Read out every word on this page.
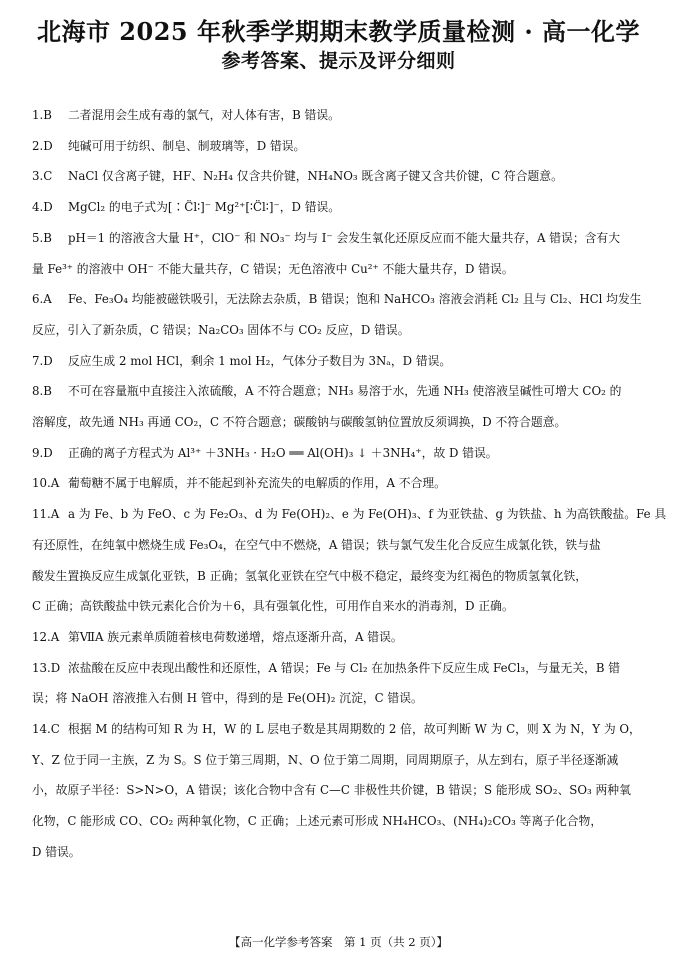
北海市 2025 年秋季学期期末教学质量检测 · 高一化学
参考答案、提示及评分细则
1.B	二者混用会生成有毒的氯气，对人体有害，B 错误。
2.D	纯碱可用于纺织、制皂、制玻璃等，D 错误。
3.C	NaCl 仅含离子键，HF、N₂H₄ 仅含共价键，NH₄NO₃ 既含离子键又含共价键，C 符合题意。
4.D	MgCl₂ 的电子式为[∶C̈l∶]⁻ Mg²⁺[∶C̈l∶]⁻，D 错误。
5.B	pH＝1 的溶液含大量 H⁺，ClO⁻ 和 NO₃⁻ 均与 I⁻ 会发生氧化还原反应而不能大量共存，A 错误；含有大
量 Fe³⁺ 的溶液中 OH⁻ 不能大量共存，C 错误；无色溶液中 Cu²⁺ 不能大量共存，D 错误。
6.A	Fe、Fe₃O₄ 均能被磁铁吸引，无法除去杂质，B 错误；饱和 NaHCO₃ 溶液会消耗 Cl₂ 且与 Cl₂、HCl 均发生
反应，引入了新杂质，C 错误；Na₂CO₃ 固体不与 CO₂ 反应，D 错误。
7.D	反应生成 2 mol HCl，剩余 1 mol H₂，气体分子数目为 3Nₐ，D 错误。
8.B	不可在容量瓶中直接注入浓硫酸，A 不符合题意；NH₃ 易溶于水，先通 NH₃ 使溶液呈碱性可增大 CO₂ 的
溶解度，故先通 NH₃ 再通 CO₂，C 不符合题意；碳酸钠与碳酸氢钠位置放反须调换，D 不符合题意。
9.D	正确的离子方程式为 Al³⁺ ＋3NH₃ · H₂O ══ Al(OH)₃ ↓ ＋3NH₄⁺，故 D 错误。
10.A 葡萄糖不属于电解质，并不能起到补充流失的电解质的作用，A 不合理。
11.A a 为 Fe、b 为 FeO、c 为 Fe₂O₃、d 为 Fe(OH)₂、e 为 Fe(OH)₃、f 为亚铁盐、g 为铁盐、h 为高铁酸盐。Fe 具
有还原性，在纯氧中燃烧生成 Fe₃O₄，在空气中不燃烧，A 错误；铁与氯气发生化合反应生成氯化铁，铁与盐
酸发生置换反应生成氯化亚铁，B 正确；氢氧化亚铁在空气中极不稳定，最终变为红褐色的物质氢氧化铁，
C 正确；高铁酸盐中铁元素化合价为＋6，具有强氧化性，可用作自来水的消毒剂，D 正确。
12.A 第ⅦA 族元素单质随着核电荷数递增，熔点逐渐升高，A 错误。
13.D 浓盐酸在反应中表现出酸性和还原性，A 错误；Fe 与 Cl₂ 在加热条件下反应生成 FeCl₃，与量无关，B 错
误；将 NaOH 溶液推入右侧 H 管中，得到的是 Fe(OH)₂ 沉淀，C 错误。
14.C 根据 M 的结构可知 R 为 H，W 的 L 层电子数是其周期数的 2 倍，故可判断 W 为 C，则 X 为 N，Y 为 O，
Y、Z 位于同一主族，Z 为 S。S 位于第三周期，N、O 位于第二周期，同周期原子，从左到右，原子半径逐渐减
小，故原子半径：S>N>O，A 错误；该化合物中含有 C—C 非极性共价键，B 错误；S 能形成 SO₂、SO₃ 两种氧
化物，C 能形成 CO、CO₂ 两种氧化物，C 正确；上述元素可形成 NH₄HCO₃、(NH₄)₂CO₃ 等离子化合物，
D 错误。
【高一化学参考答案　第 1 页（共 2 页）】
